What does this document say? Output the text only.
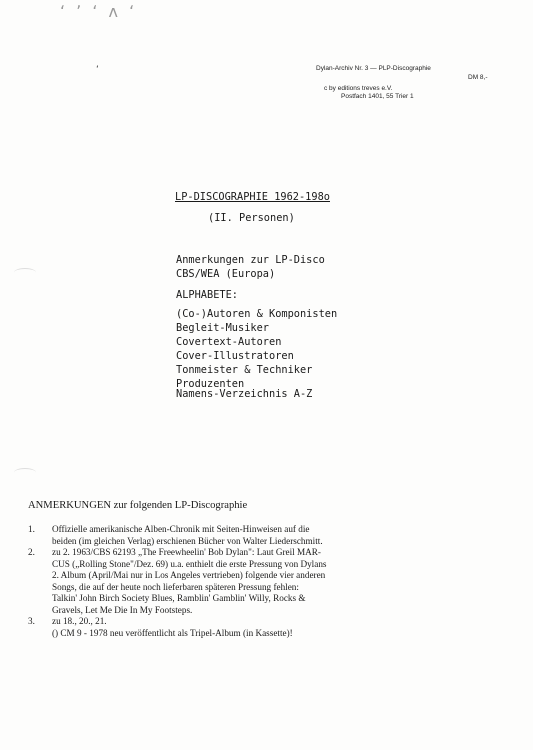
ʻ ʼ ʻ ʌ ʻ
ʻ	Dylan-Archiv Nr. 3 — PLP-Discographie
DM 8,-
c by editions treves e.V.
Postfach 1401, 55 Trier 1
LP-DISCOGRAPHIE 1962-198o
(II. Personen)
Anmerkungen zur LP-Disco
CBS/WEA (Europa)
ALPHABETE:
(Co-)Autoren & Komponisten
Begleit-Musiker
Covertext-Autoren
Cover-Illustratoren
Tonmeister & Techniker
Produzenten
Namens-Verzeichnis A-Z
ANMERKUNGEN zur folgenden LP-Discographie
1. Offizielle amerikanische Alben-Chronik mit Seiten-Hinweisen auf die
beiden (im gleichen Verlag) erschienen Bücher von Walter Liederschmitt.
2. zu 2. 1963/CBS 62193 „The Freewheelin' Bob Dylan": Laut Greil MAR-
CUS („Rolling Stone"/Dez. 69) u.a. enthielt die erste Pressung von Dylans
2. Album (April/Mai nur in Los Angeles vertrieben) folgende vier anderen
Songs, die auf der heute noch lieferbaren späteren Pressung fehlen:
Talkin' John Birch Society Blues, Ramblin' Gamblin' Willy, Rocks &
Gravels, Let Me Die In My Footsteps.
3. zu 18., 20., 21.
() CM 9 - 1978 neu veröffentlicht als Tripel-Album (in Kassette)!
